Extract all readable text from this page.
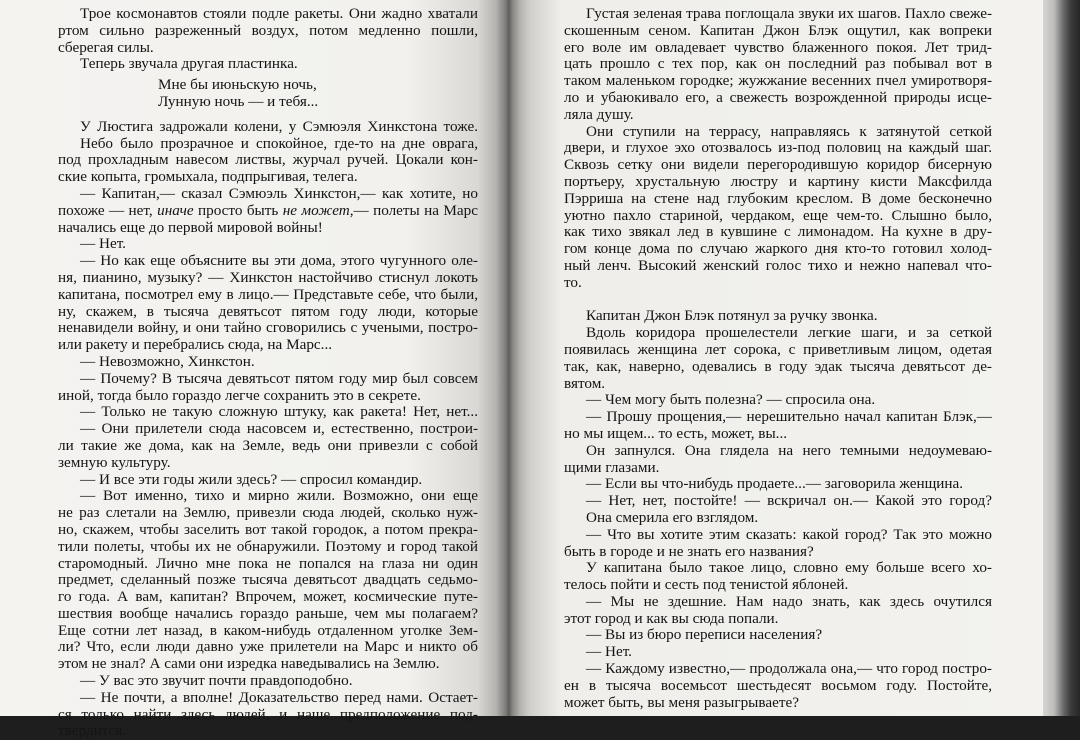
Трое космонавтов стояли подле ракеты. Они жадно хватали
ртом сильно разреженный воздух, потом медленно пошли,
сберегая силы.
Теперь звучала другая пластинка.
Мне бы июньскую ночь,
Лунную ночь — и тебя...
У Люстига задрожали колени, у Сэмюэля Хинкстона тоже.
Небо было прозрачное и спокойное, где-то на дне оврага,
под прохладным навесом листвы, журчал ручей. Цокали кон-
ские копыта, громыхала, подпрыгивая, телега.
— Капитан,— сказал Сэмюэль Хинкстон,— как хотите, но
похоже — нет, иначе просто быть не может,— полеты на Марс
начались еще до первой мировой войны!
— Нет.
— Но как еще объясните вы эти дома, этого чугунного оле-
ня, пианино, музыку? — Хинкстон настойчиво стиснул локоть
капитана, посмотрел ему в лицо.— Представьте себе, что были,
ну, скажем, в тысяча девятьсот пятом году люди, которые
ненавидели войну, и они тайно сговорились с учеными, постро-
или ракету и перебрались сюда, на Марс...
— Невозможно, Хинкстон.
— Почему? В тысяча девятьсот пятом году мир был совсем
иной, тогда было гораздо легче сохранить это в секрете.
— Только не такую сложную штуку, как ракета! Нет, нет...
— Они прилетели сюда насовсем и, естественно, построи-
ли такие же дома, как на Земле, ведь они привезли с собой
земную культуру.
— И все эти годы жили здесь? — спросил командир.
— Вот именно, тихо и мирно жили. Возможно, они еще
не раз слетали на Землю, привезли сюда людей, сколько нуж-
но, скажем, чтобы заселить вот такой городок, а потом прекра-
тили полеты, чтобы их не обнаружили. Поэтому и город такой
старомодный. Лично мне пока не попался на глаза ни один
предмет, сделанный позже тысяча девятьсот двадцать седьмо-
го года. А вам, капитан? Впрочем, может, космические путе-
шествия вообще начались гораздо раньше, чем мы полагаем?
Еще сотни лет назад, в каком-нибудь отдаленном уголке Зем-
ли? Что, если люди давно уже прилетели на Марс и никто об
этом не знал? А сами они изредка наведывались на Землю.
— У вас это звучит почти правдоподобно.
— Не почти, а вполне! Доказательство перед нами. Остает-
ся только найти здесь людей, и наше предположение под-
твердится.
Густая зеленая трава поглощала звуки их шагов. Пахло свеже-
скошенным сеном. Капитан Джон Блэк ощутил, как вопреки
его воле им овладевает чувство блаженного покоя. Лет трид-
цать прошло с тех пор, как он последний раз побывал вот в
таком маленьком городке; жужжание весенних пчел умиротворя-
ло и убаюкивало его, а свежесть возрожденной природы исце-
ляла душу.
Они ступили на террасу, направляясь к затянутой сеткой
двери, и глухое эхо отозвалось из-под половиц на каждый шаг.
Сквозь сетку они видели перегородившую коридор бисерную
портьеру, хрустальную люстру и картину кисти Максфилда
Пэрриша на стене над глубоким креслом. В доме бесконечно
уютно пахло стариной, чердаком, еще чем-то. Слышно было,
как тихо звякал лед в кувшине с лимонадом. На кухне в дру-
гом конце дома по случаю жаркого дня кто-то готовил холод-
ный ленч. Высокий женский голос тихо и нежно напевал что-
то.
Капитан Джон Блэк потянул за ручку звонка.
Вдоль коридора прошелестели легкие шаги, и за сеткой
появилась женщина лет сорока, с приветливым лицом, одетая
так, как, наверно, одевались в году эдак тысяча девятьсот де-
вятом.
— Чем могу быть полезна? — спросила она.
— Прошу прощения,— нерешительно начал капитан Блэк,—
но мы ищем... то есть, может, вы...
Он запнулся. Она глядела на него темными недоумеваю-
щими глазами.
— Если вы что-нибудь продаете...— заговорила женщина.
— Нет, нет, постойте! — вскричал он.— Какой это город?
Она смерила его взглядом.
— Что вы хотите этим сказать: какой город? Так это можно
быть в городе и не знать его названия?
У капитана было такое лицо, словно ему больше всего хо-
телось пойти и сесть под тенистой яблоней.
— Мы не здешние. Нам надо знать, как здесь очутился
этот город и как вы сюда попали.
— Вы из бюро переписи населения?
— Нет.
— Каждому известно,— продолжала она,— что город постро-
ен в тысяча восемьсот шестьдесят восьмом году. Постойте,
может быть, вы меня разыгрываете?
